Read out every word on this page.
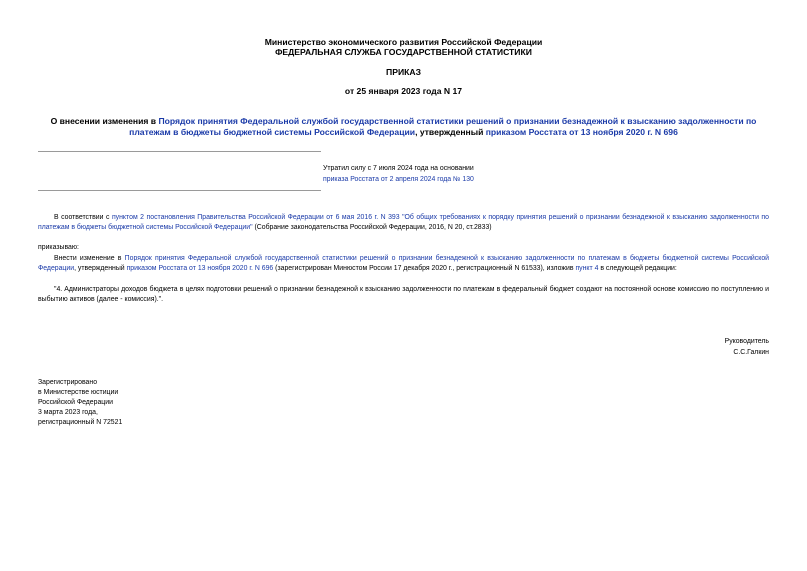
Министерство экономического развития Российской Федерации
ФЕДЕРАЛЬНАЯ СЛУЖБА ГОСУДАРСТВЕННОЙ СТАТИСТИКИ
ПРИКАЗ
от 25 января 2023 года N 17
О внесении изменения в Порядок принятия Федеральной службой государственной статистики решений о признании безнадежной к взысканию задолженности по платежам в бюджеты бюджетной системы Российской Федерации, утвержденный приказом Росстата от 13 ноября 2020 г. N 696
Утратил силу с 7 июля 2024 года на основании
приказа Росстата от 2 апреля 2024 года № 130
В соответствии с пунктом 2 постановления Правительства Российской Федерации от 6 мая 2016 г. N 393 "Об общих требованиях к порядку принятия решений о признании безнадежной к взысканию задолженности по платежам в бюджеты бюджетной системы Российской Федерации" (Собрание законодательства Российской Федерации, 2016, N 20, ст.2833)
приказываю:
Внести изменение в Порядок принятия Федеральной службой государственной статистики решений о признании безнадежной к взысканию задолженности по платежам в бюджеты бюджетной системы Российской Федерации, утвержденный приказом Росстата от 13 ноября 2020 г. N 696 (зарегистрирован Минюстом России 17 декабря 2020 г., регистрационный N 61533), изложив пункт 4 в следующей редакции:
"4. Администраторы доходов бюджета в целях подготовки решений о признании безнадежной к взысканию задолженности по платежам в федеральный бюджет создают на постоянной основе комиссию по поступлению и выбытию активов (далее - комиссия).".
Руководитель
С.С.Галкин
Зарегистрировано
в Министерстве юстиции
Российской Федерации
3 марта 2023 года,
регистрационный N 72521
